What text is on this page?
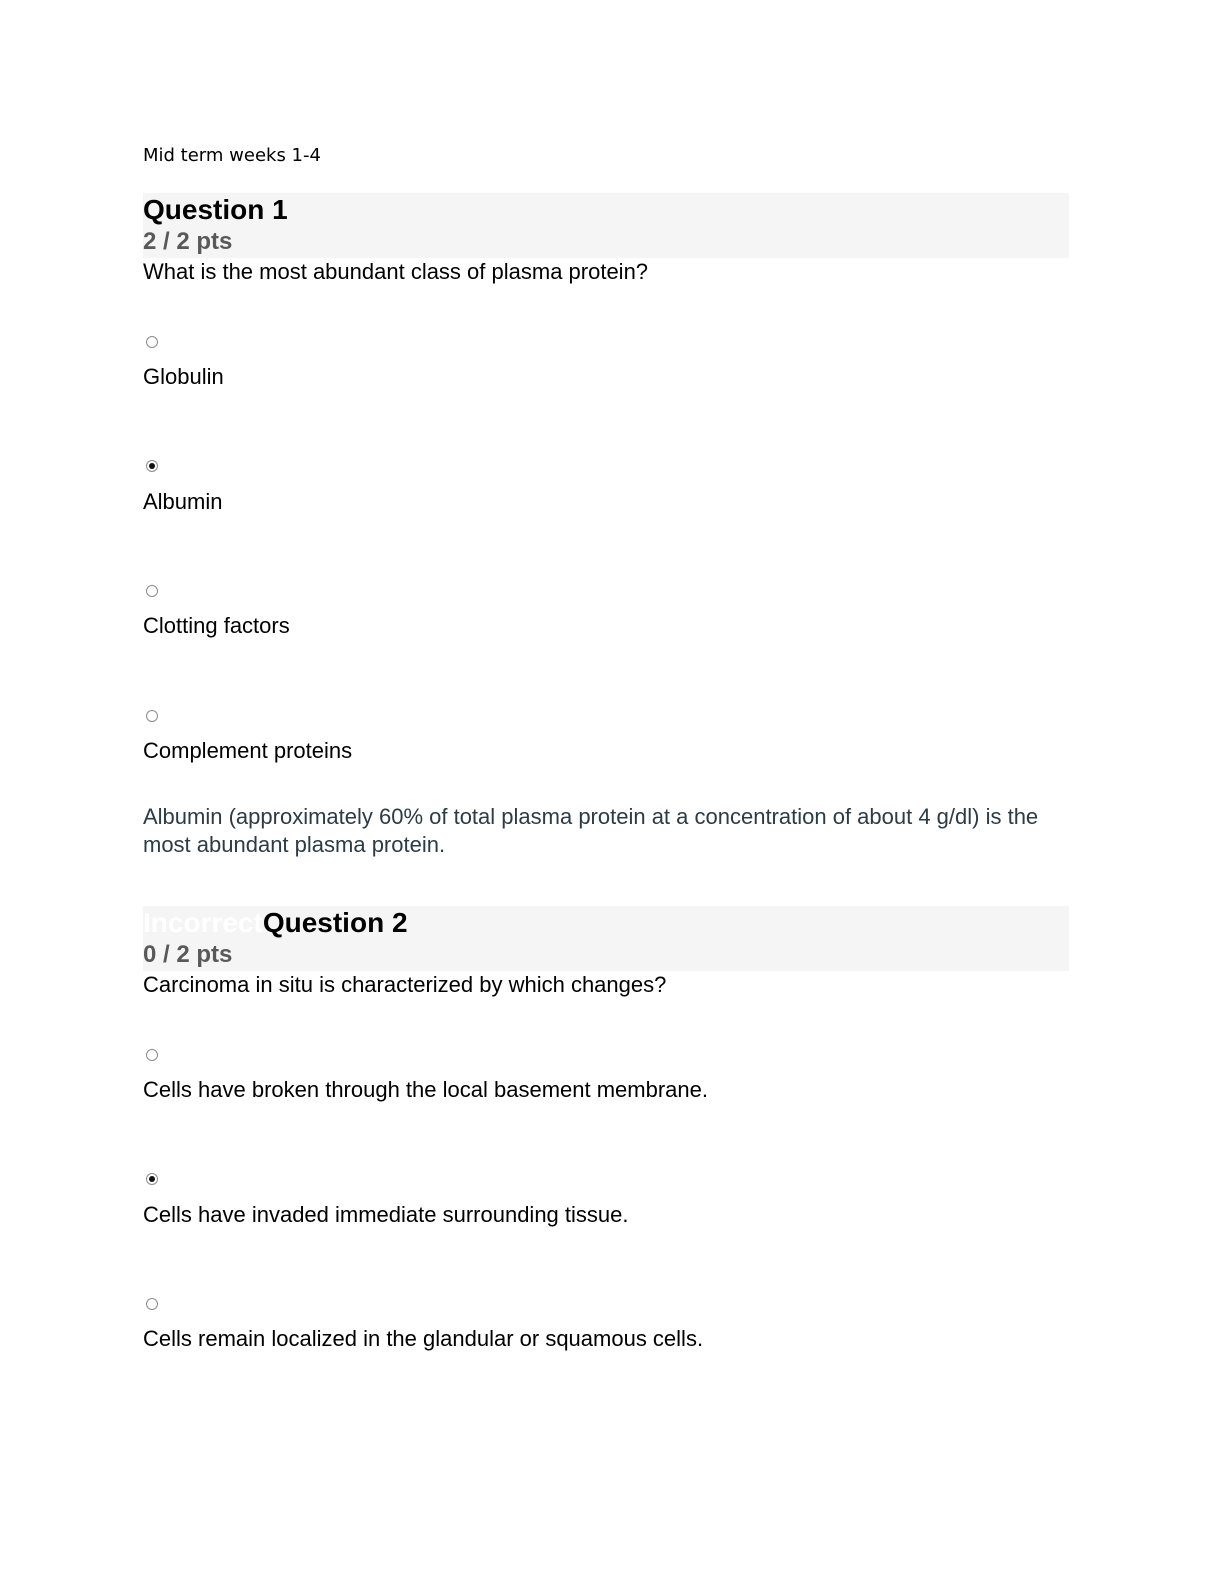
Mid term weeks 1-4
Question 1
2 / 2 pts
What is the most abundant class of plasma protein?
Globulin
Albumin
Clotting factors
Complement proteins
Albumin (approximately 60% of total plasma protein at a concentration of about 4 g/dl) is the most abundant plasma protein.
IncorrectQuestion 2
0 / 2 pts
Carcinoma in situ is characterized by which changes?
Cells have broken through the local basement membrane.
Cells have invaded immediate surrounding tissue.
Cells remain localized in the glandular or squamous cells.
